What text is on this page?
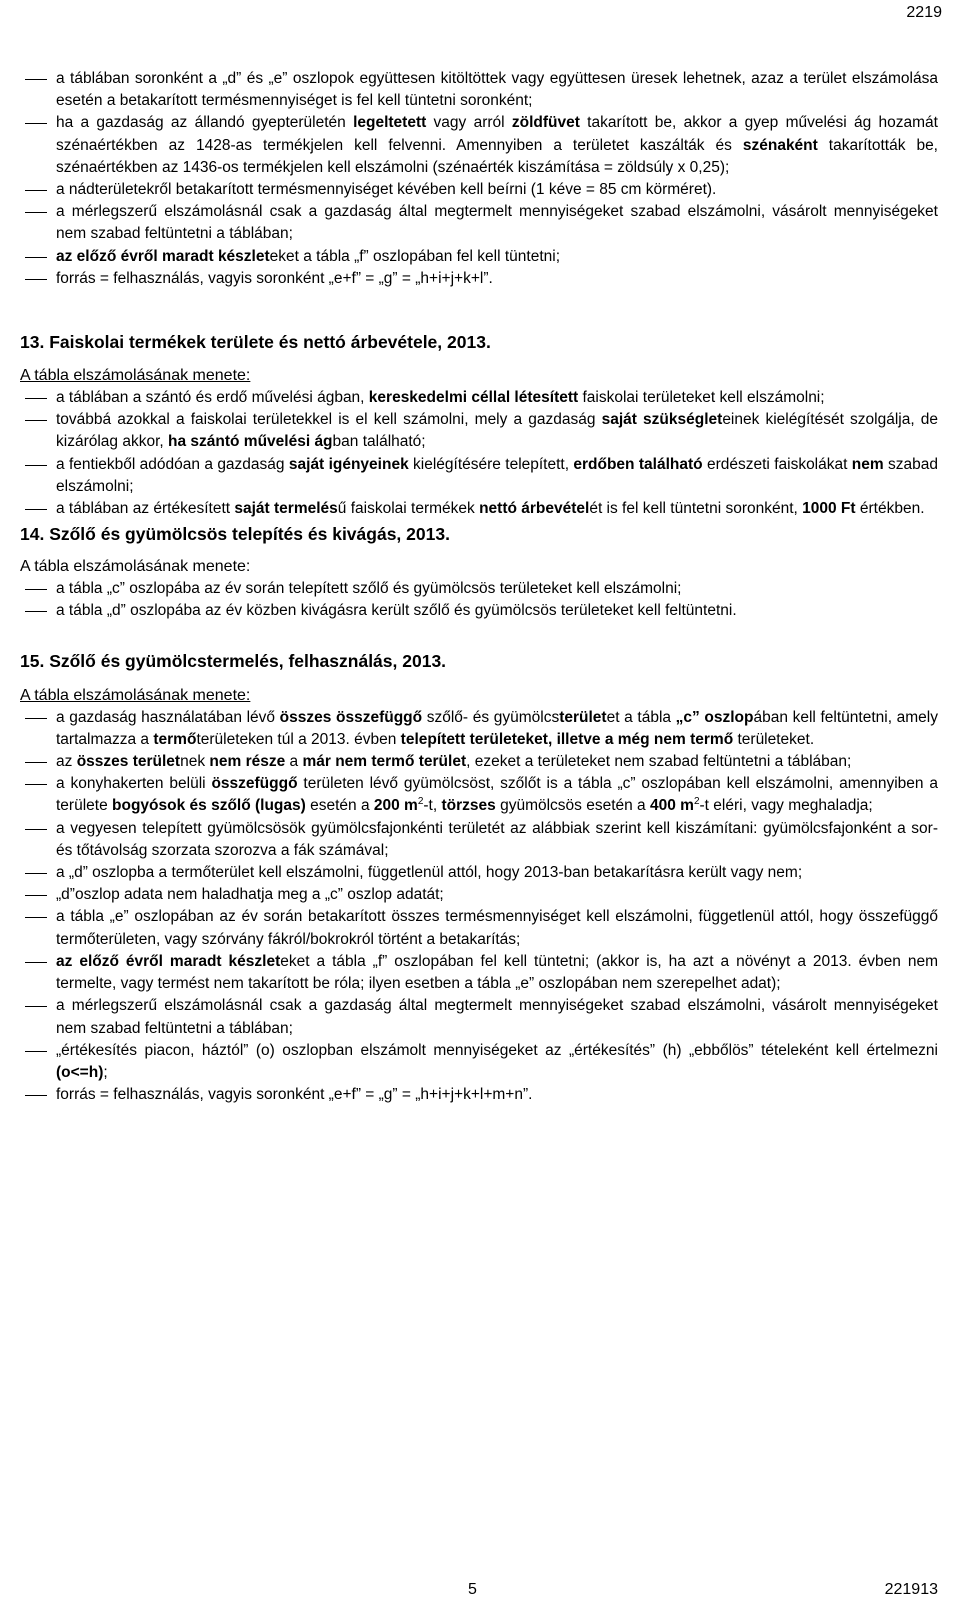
2219
a táblában soronként a „d” és „e” oszlopok együttesen kitöltöttek vagy együttesen üresek lehetnek, azaz a terület elszámolása esetén a betakarított termésmennyiséget is fel kell tüntetni soronként;
ha a gazdaság az állandó gyepterületén legeltetett vagy arról zöldfüvet takarított be, akkor a gyep művelési ág hozamát szénaértékben az 1428-as termékjelen kell felvenni. Amennyiben a területet kaszálták és szénaként takarították be, szénaértékben az 1436-os termékjelen kell elszámolni (szénaérték kiszámítása = zöldsúly x 0,25);
a nádterületekről betakarított termésmennyiséget kévében kell beírni (1 kéve = 85 cm körméret).
a mérlegszerű elszámolásnál csak a gazdaság által megtermelt mennyiségeket szabad elszámolni, vásárolt mennyiségeket nem szabad feltüntetni a táblában;
az előző évről maradt készleteket a tábla „f” oszlopában fel kell tüntetni;
forrás = felhasználás, vagyis soronként „e+f” = „g” = „h+i+j+k+l”.

13. Faiskolai termékek területe és nettó árbevétele, 2013.

A tábla elszámolásának menete:

a táblában a szántó és erdő művelési ágban, kereskedelmi céllal létesített faiskolai területeket kell elszámolni;
továbbá azokkal a faiskolai területekkel is el kell számolni, mely a gazdaság saját szükségleteinek kielégítését szolgálja, de kizárólag akkor, ha szántó művelési ágban található;
a fentiekből adódóan a gazdaság saját igényeinek kielégítésére telepített, erdőben található erdészeti faiskolákat nem szabad elszámolni;
a táblában az értékesített saját termelésű faiskolai termékek nettó árbevételét is fel kell tüntetni soronként, 1000 Ft értékben.

14. Szőlő és gyümölcsös telepítés és kivágás, 2013.

A tábla elszámolásának menete:

a tábla „c” oszlopába az év során telepített szőlő és gyümölcsös területeket kell elszámolni;
a tábla „d” oszlopába az év közben kivágásra került szőlő és gyümölcsös területeket kell feltüntetni.

15. Szőlő és gyümölcstermelés, felhasználás, 2013.

A tábla elszámolásának menete:

a gazdaság használatában lévő összes összefüggő szőlő- és gyümölcsterületet a tábla „c” oszlopában kell feltüntetni, amely tartalmazza a termőterületeken túl a 2013. évben telepített területeket, illetve a még nem termő területeket.
az összes területnek nem része a már nem termő terület, ezeket a területeket nem szabad feltüntetni a táblában;
a konyhakerten belüli összefüggő területen lévő gyümölcsöst, szőlőt is a tábla „c” oszlopában kell elszámolni, amennyiben a területe bogyósok és szőlő (lugas) esetén a 200 $m^2-t$, törzses gyümölcsös esetén a 400 $m^2-t$ eléri, vagy meghaladja;
a vegyesen telepített gyümölcsösök gyümölcsfajonkénti területét az alábbiak szerint kell kiszámítani: gyümölcsfajonként a sor- és tőtávolság szorzata szorozva a fák számával;
a „d” oszlopba a termőterület kell elszámolni, függetlenül attól, hogy 2013-ban betakarításra került vagy nem;
„d”oszlop adata nem haladhatja meg a „c” oszlop adatát;
a tábla „e” oszlopában az év során betakarított összes termésmennyiséget kell elszámolni, függetlenül attól, hogy összefüggő termőterületen, vagy szórvány fákról/bokrokról történt a betakarítás;
az előző évről maradt készleteket a tábla „f” oszlopában fel kell tüntetni; (akkor is, ha azt a növényt a 2013. évben nem termelte, vagy termést nem takarított be róla; ilyen esetben a tábla „e” oszlopában nem szerepelhet adat);
a mérlegszerű elszámolásnál csak a gazdaság által megtermelt mennyiségeket szabad elszámolni, vásárolt mennyiségeket nem szabad feltüntetni a táblában;
„értékesítés piacon, háztól” (o) oszlopban elszámolt mennyiségeket az „értékesítés” (h) „ebből‍ös” tételeként kell értelmezni (o<=h);
forrás = felhasználás, vagyis soronként „e+f” = „g” = „h+i+j+k+l+m+n”.
5	221913
